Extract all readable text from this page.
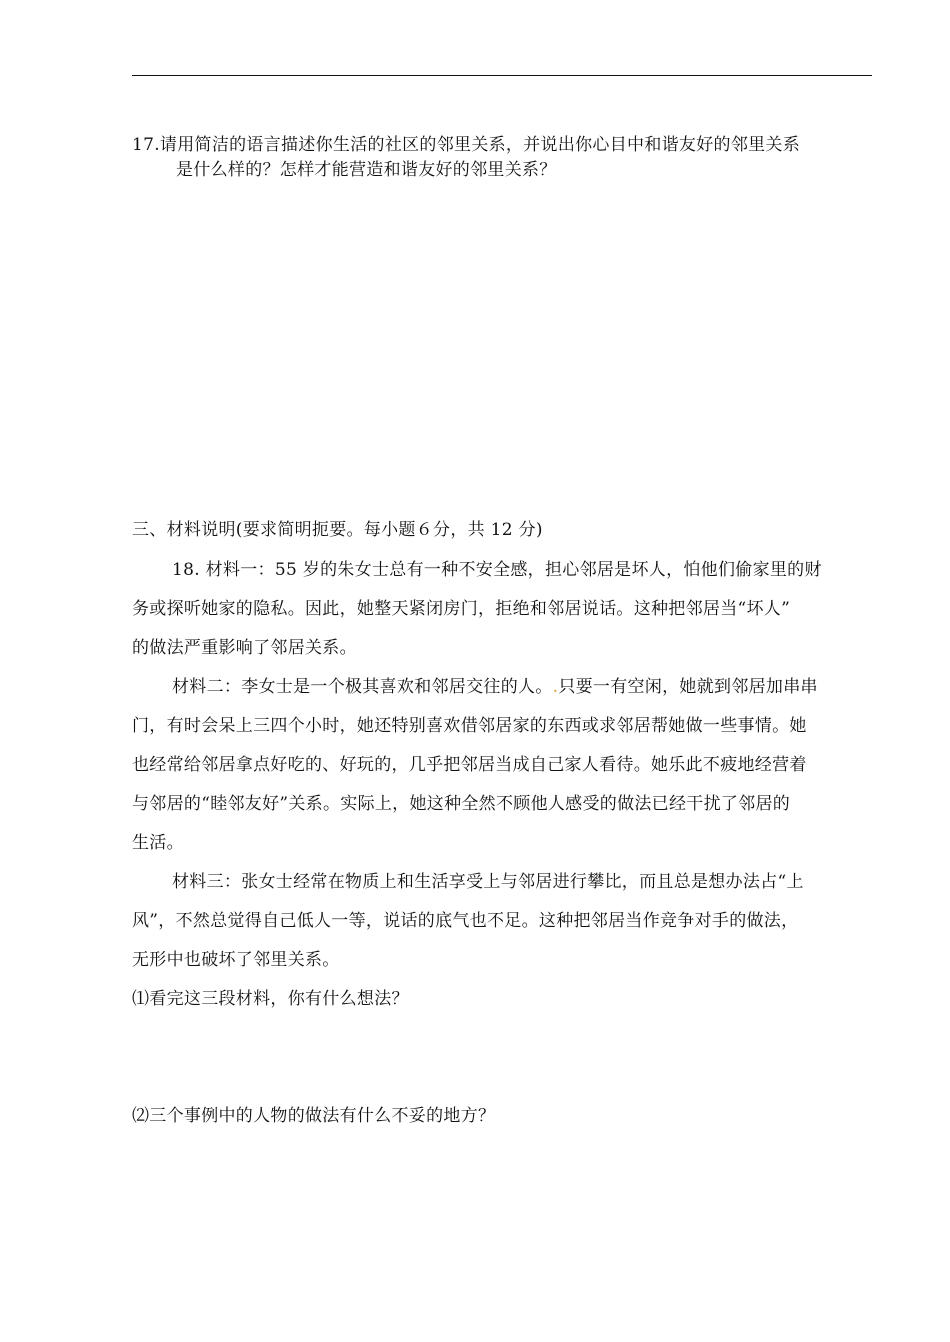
17.请用简洁的语言描述你生活的社区的邻里关系，并说出你心目中和谐友好的邻里关系
是什么样的？怎样才能营造和谐友好的邻里关系？
三、材料说明(要求简明扼要。每小题６分，共 12 分)
18. 材料一：55 岁的朱女士总有一种不安全感，担心邻居是坏人，怕他们偷家里的财
务或探听她家的隐私。因此，她整天紧闭房门，拒绝和邻居说话。这种把邻居当“坏人”
的做法严重影响了邻居关系。
材料二：李女士是一个极其喜欢和邻居交往的人。.只要一有空闲，她就到邻居加串串
门，有时会呆上三四个小时，她还特别喜欢借邻居家的东西或求邻居帮她做一些事情。她
也经常给邻居拿点好吃的、好玩的，几乎把邻居当成自己家人看待。她乐此不疲地经营着
与邻居的“睦邻友好”关系。实际上，她这种全然不顾他人感受的做法已经干扰了邻居的
生活。
材料三：张女士经常在物质上和生活享受上与邻居进行攀比，而且总是想办法占“上
风”，不然总觉得自己低人一等，说话的底气也不足。这种把邻居当作竞争对手的做法，
无形中也破坏了邻里关系。
⑴看完这三段材料，你有什么想法？
⑵三个事例中的人物的做法有什么不妥的地方？
